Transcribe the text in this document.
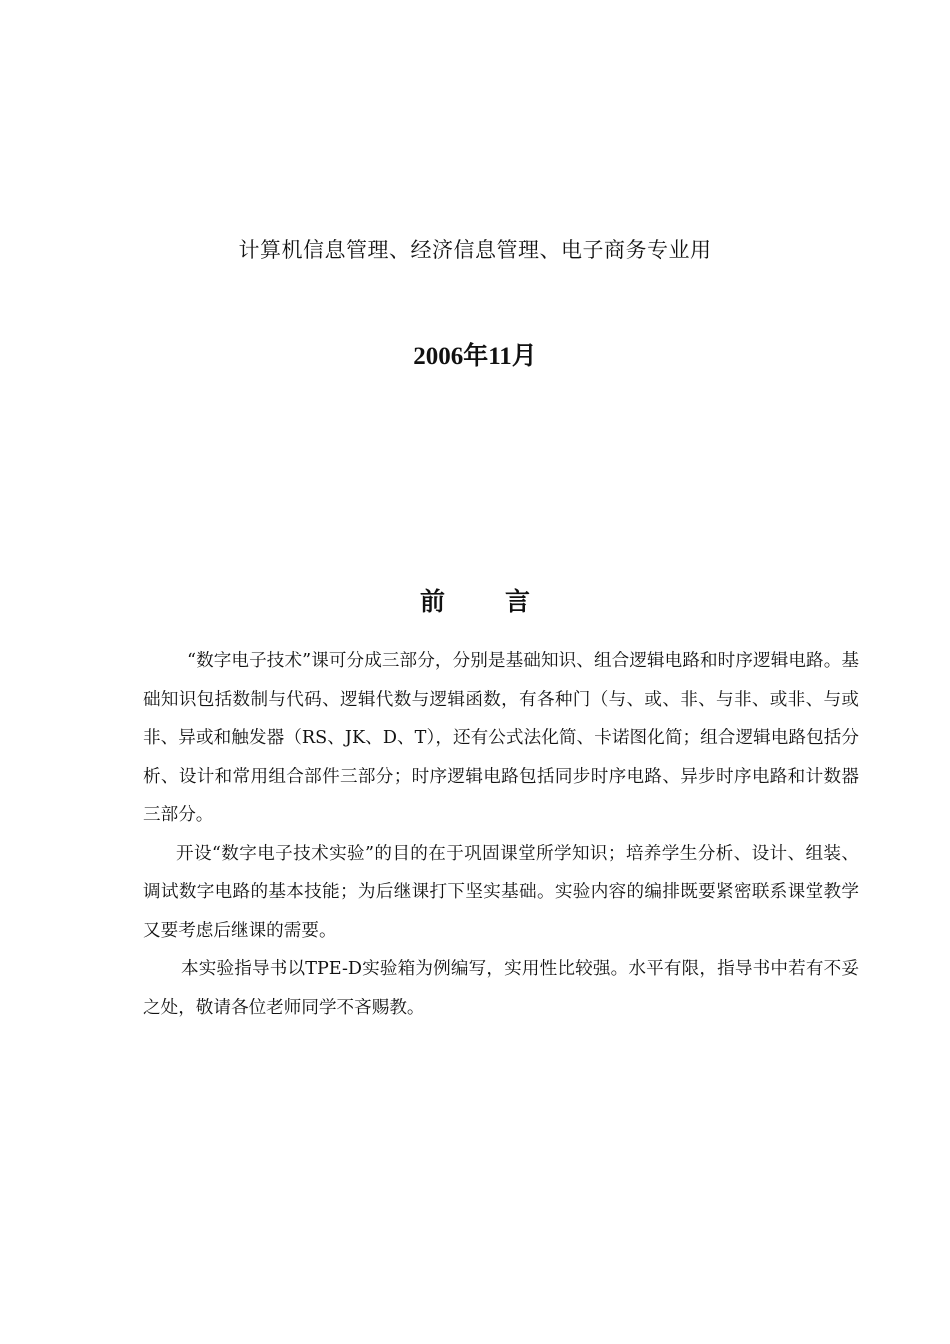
计算机信息管理、经济信息管理、电子商务专业用
2006年11月
前言

“数字电子技术”课可分成三部分，分别是基础知识、组合逻辑电路和时序逻辑电路。基础知识包括数制与代码、逻辑代数与逻辑函数，有各种门（与、或、非、与非、或非、与或非、异或和触发器（RS、JK、D、T），还有公式法化简、卡诺图化简；组合逻辑电路包括分析、设计和常用组合部件三部分；时序逻辑电路包括同步时序电路、异步时序电路和计数器三部分。

开设“数字电子技术实验”的目的在于巩固课堂所学知识；培养学生分析、设计、组装、调试数字电路的基本技能；为后继课打下坚实基础。实验内容的编排既要紧密联系课堂教学又要考虑后继课的需要。

本实验指导书以TPE-D实验箱为例编写，实用性比较强。水平有限，指导书中若有不妥之处，敬请各位老师同学不吝赐教。
